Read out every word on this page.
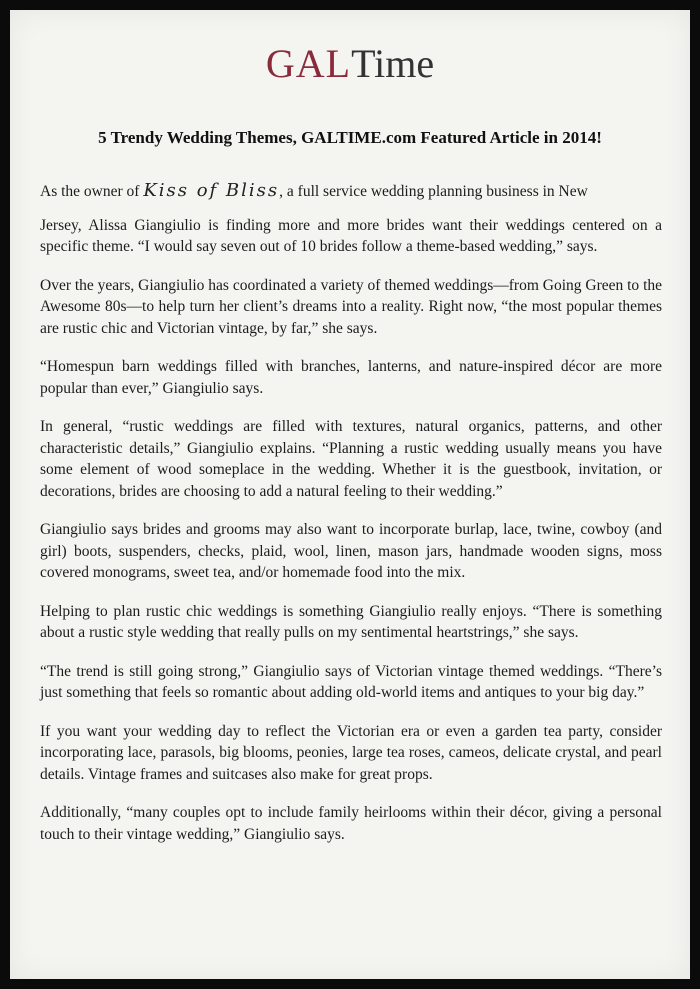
GALTime
5 Trendy Wedding Themes, GALTIME.com Featured Article in 2014!

As the owner of Kiss of Bliss, a full service wedding planning business in New
Jersey, Alissa Giangiulio is finding more and more brides want their weddings centered on a specific theme. “I would say seven out of 10 brides follow a theme-based wedding,” says.

Over the years, Giangiulio has coordinated a variety of themed weddings—from Going Green to the Awesome 80s—to help turn her client’s dreams into a reality. Right now, “the most popular themes are rustic chic and Victorian vintage, by far,” she says.

“Homespun barn weddings filled with branches, lanterns, and nature-inspired décor are more popular than ever,” Giangiulio says.

In general, “rustic weddings are filled with textures, natural organics, patterns, and other characteristic details,” Giangiulio explains. “Planning a rustic wedding usually means you have some element of wood someplace in the wedding. Whether it is the guestbook, invitation, or decorations, brides are choosing to add a natural feeling to their wedding.”

Giangiulio says brides and grooms may also want to incorporate burlap, lace, twine, cowboy (and girl) boots, suspenders, checks, plaid, wool, linen, mason jars, handmade wooden signs, moss covered monograms, sweet tea, and/or homemade food into the mix.

Helping to plan rustic chic weddings is something Giangiulio really enjoys. “There is something about a rustic style wedding that really pulls on my sentimental heartstrings,” she says.

“The trend is still going strong,” Giangiulio says of Victorian vintage themed weddings. “There’s just something that feels so romantic about adding old-world items and antiques to your big day.”

If you want your wedding day to reflect the Victorian era or even a garden tea party, consider incorporating lace, parasols, big blooms, peonies, large tea roses, cameos, delicate crystal, and pearl details. Vintage frames and suitcases also make for great props.

Additionally, “many couples opt to include family heirlooms within their décor, giving a personal touch to their vintage wedding,” Giangiulio says.
